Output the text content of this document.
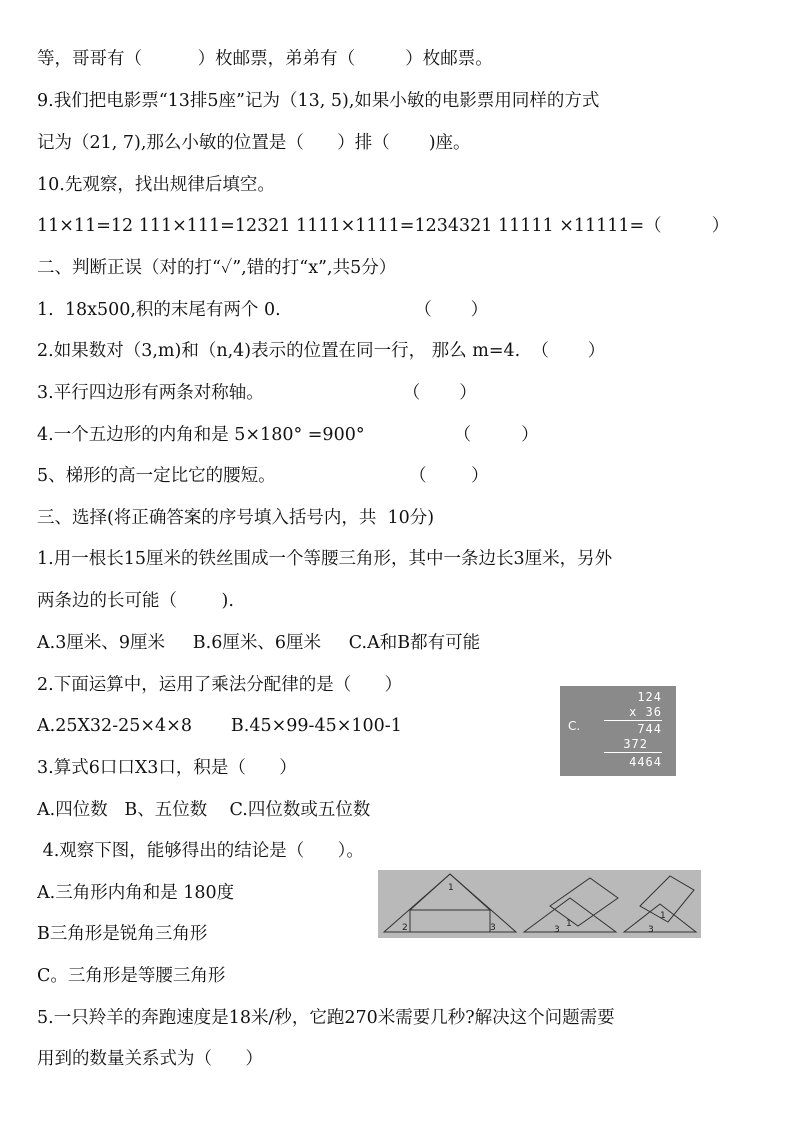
等，哥哥有（          ）枚邮票，弟弟有（         ）枚邮票。
9.我们把电影票“13排5座”记为（13, 5),如果小敏的电影票用同样的方式
记为（21, 7),那么小敏的位置是（      ）排（       )座。
10.先观察，找出规律后填空。
11×11=12 111×111=12321 1111×1111=1234321 11111 ×11111=（         ）
二、判断正误（对的打“✓”,错的打“x”,共5分）
1.  18x500,积的末尾有两个 0.                        （       ）
2.如果数对（3,m)和（n,4)表示的位置在同一行， 那么 m=4.  （       ）
3.平行四边形有两条对称轴。                         （       ）
4.一个五边形的内角和是 5×180° =900°                （         ）
5、梯形的高一定比它的腰短。                        （        ）
三、选择(将正确答案的序号填入括号内，共  10分)
1.用一根长15厘米的铁丝围成一个等腰三角形，其中一条边长3厘米，另外
两条边的长可能（        ).
A.3厘米、9厘米     B.6厘米、6厘米     C.A和B都有可能
2.下面运算中，运用了乘法分配律的是（      ）
A.25X32-25×4×8       B.45×99-45×100-1
3.算式6口口X3口，积是（      ）
A.四位数   B、五位数    C.四位数或五位数
4.观察下图，能够得出的结论是（      ）。
A.三角形内角和是 180度
B三角形是锐角三角形
C。三角形是等腰三角形
5.一只羚羊的奔跑速度是18米/秒，它跑270米需要几秒?解决这个问题需要
用到的数量关系式为（      ）
C.
124
x 36
744
372
4464
1
2	3	1
3
1
3
